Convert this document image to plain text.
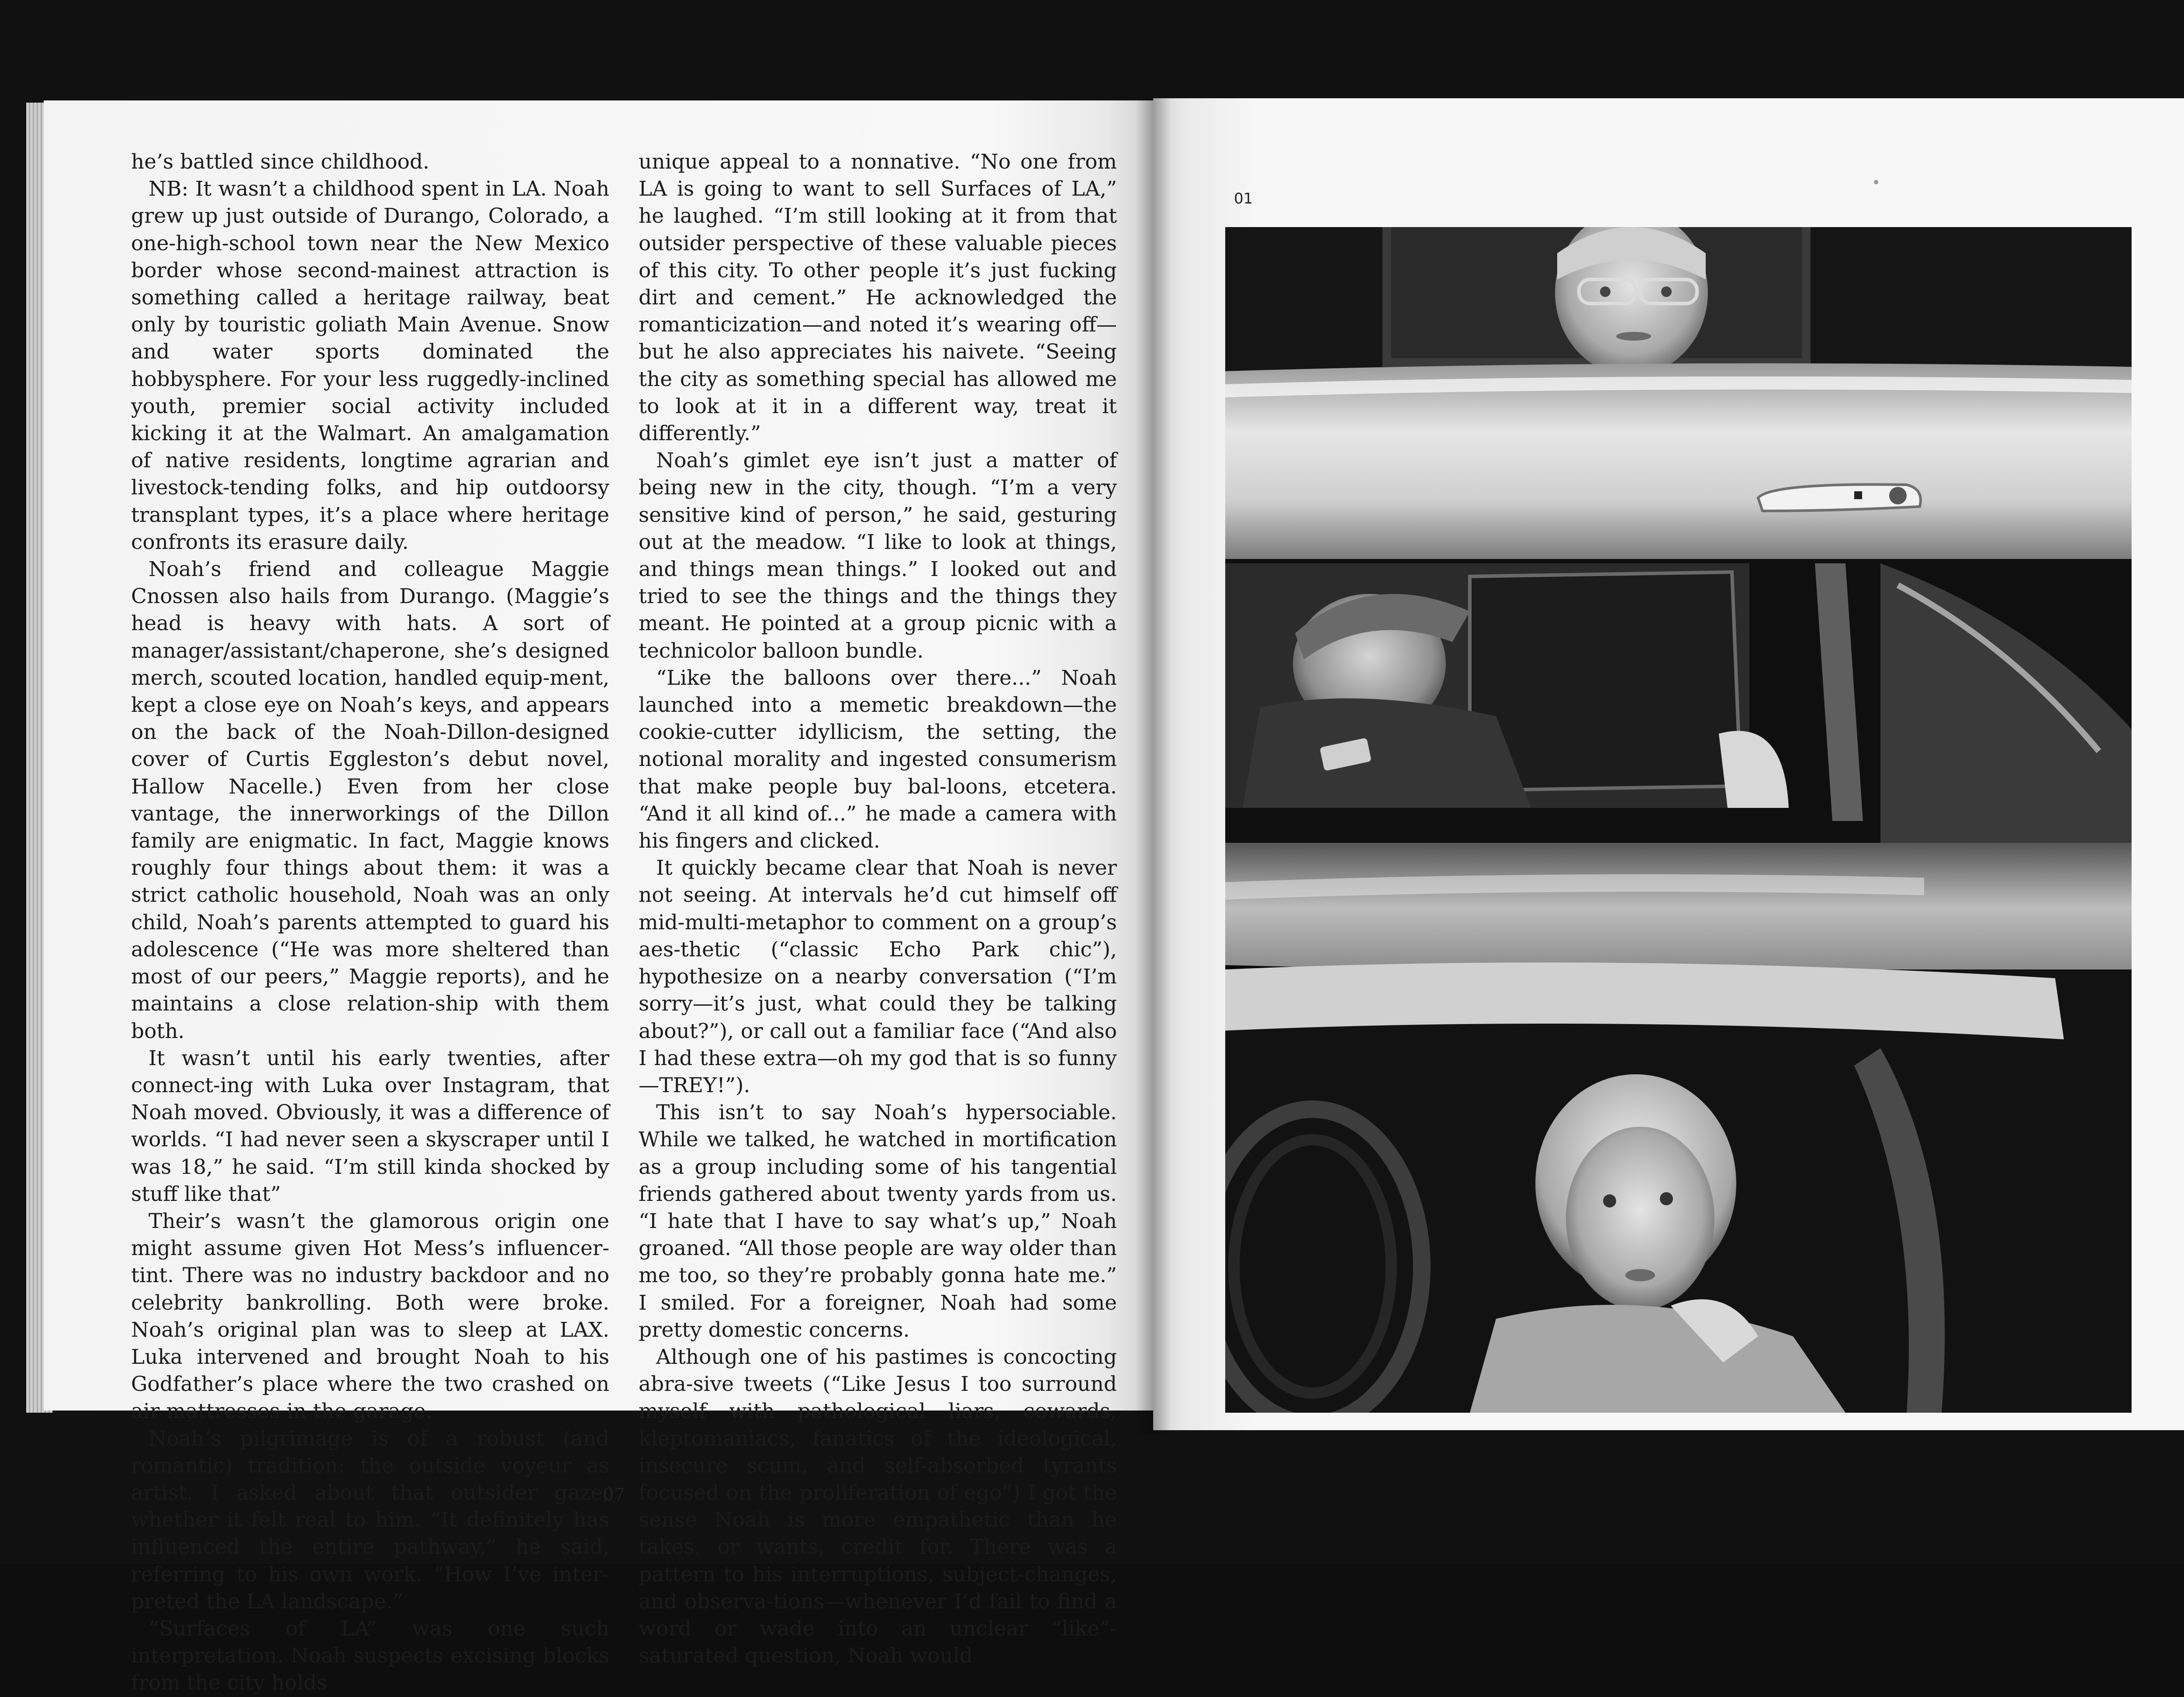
he’s battled since childhood.

NB: It wasn’t a childhood spent in LA. Noah grew up just outside of Durango, Colorado, a one-high-school town near the New Mexico border whose second-mainest attraction is something called a heritage railway, beat only by touristic goliath Main Avenue. Snow and water sports dominated the hobbysphere. For your less ruggedly-inclined youth, premier social activity included kicking it at the Walmart. An amalgamation of native residents, longtime agrarian and livestock-tending folks, and hip outdoorsy transplant types, it’s a place where heritage confronts its erasure daily.

Noah’s friend and colleague Maggie Cnossen also hails from Durango. (Maggie’s head is heavy with hats. A sort of manager/assistant/chaperone, she’s designed merch, scouted location, handled equip-ment, kept a close eye on Noah’s keys, and appears on the back of the Noah-Dillon-designed cover of Curtis Eggleston’s debut novel, Hallow Nacelle.) Even from her close vantage, the innerworkings of the Dillon family are enigmatic. In fact, Maggie knows roughly four things about them: it was a strict catholic household, Noah was an only child, Noah’s parents attempted to guard his adolescence (“He was more sheltered than most of our peers,” Maggie reports), and he maintains a close relation-ship with them both.

It wasn’t until his early twenties, after connect-ing with Luka over Instagram, that Noah moved. Obviously, it was a difference of worlds. “I had never seen a skyscraper until I was 18,” he said. “I’m still kinda shocked by stuff like that”

Their’s wasn’t the glamorous origin one might assume given Hot Mess’s influencer-tint. There was no industry backdoor and no celebrity bankrolling. Both were broke. Noah’s original plan was to sleep at LAX. Luka intervened and brought Noah to his Godfather’s place where the two crashed on air mattresses in the garage.

Noah’s pilgrimage is of a robust (and romantic) tradition: the outside voyeur as artist. I asked about that outsider gaze, whether it felt real to him. “It definitely has influenced the entire pathway,” he said, referring to his own work. “How I’ve inter-preted the LA landscape.”

“Surfaces of LA” was one such interpretation. Noah suspects excising blocks from the city holds

unique appeal to a nonnative. “No one from LA is going to want to sell Surfaces of LA,” he laughed. “I’m still looking at it from that outsider perspective of these valuable pieces of this city. To other people it’s just fucking dirt and cement.” He acknowledged the romanticization—and noted it’s wearing off—but he also appreciates his naivete. “Seeing the city as something special has allowed me to look at it in a different way, treat it differently.”

Noah’s gimlet eye isn’t just a matter of being new in the city, though. “I’m a very sensitive kind of person,” he said, gesturing out at the meadow. “I like to look at things, and things mean things.” I looked out and tried to see the things and the things they meant. He pointed at a group picnic with a technicolor balloon bundle.

“Like the balloons over there...” Noah launched into a memetic breakdown—the cookie-cutter idyllicism, the setting, the notional morality and ingested consumerism that make people buy bal-loons, etcetera. “And it all kind of...” he made a camera with his fingers and clicked.

It quickly became clear that Noah is never not seeing. At intervals he’d cut himself off mid-multi-metaphor to comment on a group’s aes-thetic (“classic Echo Park chic”), hypothesize on a nearby conversation (“I’m sorry—it’s just, what could they be talking about?”), or call out a familiar face (“And also I had these extra—oh my god that is so funny—TREY!”).

This isn’t to say Noah’s hypersociable. While we talked, he watched in mortification as a group including some of his tangential friends gathered about twenty yards from us. “I hate that I have to say what’s up,” Noah groaned. “All those people are way older than me too, so they’re probably gonna hate me.” I smiled. For a foreigner, Noah had some pretty domestic concerns.

Although one of his pastimes is concocting abra-sive tweets (“Like Jesus I too surround myself with pathological liars, cowards, kleptomaniacs, fanatics of the ideological, insecure scum, and self-absorbed tyrants focused on the proliferation of ego”) I got the sense Noah is more empathetic than he takes, or wants, credit for. There was a pattern to his interruptions, subject-changes, and observa-tions—whenever I’d fail to find a word or wade into an unclear “like”-saturated question, Noah would

07
01
